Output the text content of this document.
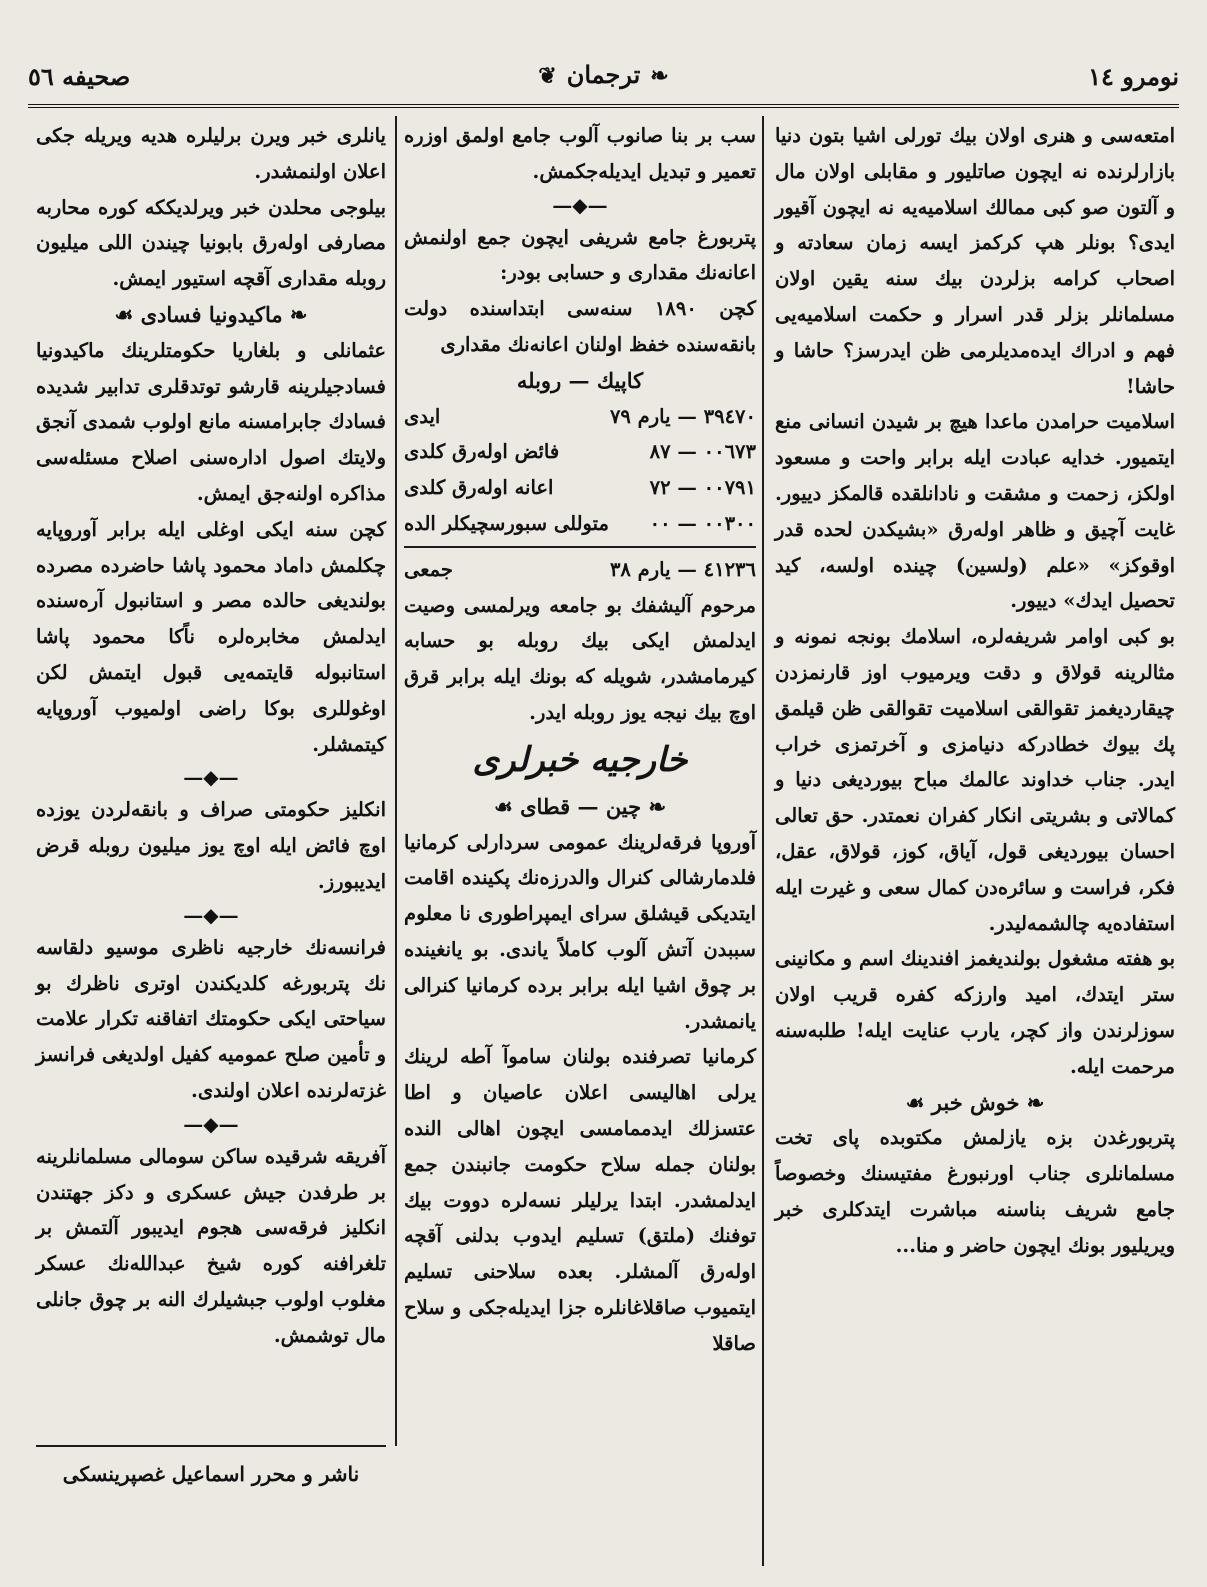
نومرو ١٤
❧ترجمان❦
صحیفه ٥٦

امتعه‌سی و هنری اولان بیك تورلی اشیا بتون دنیا بازارلرنده نه ایچون صاتلیور و مقابلی اولان مال و آلتون صو کبی ممالك اسلامیه‌یه نه ایچون آقیور ایدی؟ بونلر هپ کرکمز ایسه زمان سعادته و اصحاب کرامه بزلردن بیك سنه یقین اولان مسلمانلر بزلر قدر اسرار و حکمت اسلامیه‌یی فهم و ادراك ایده‌مدیلرمی ظن ایدرسز؟ حاشا و حاشا!

اسلامیت حرامدن ماعدا هیچ بر شیدن انسانی منع ایتمیور. خدایه عبادت ایله برابر واحت و مسعود اولکز، زحمت و مشقت و نادانلقده قالمکز دییور. غایت آچیق و ظاهر اوله‌رق «بشیکدن لحده قدر اوقوکز» «علم (ولسین) چینده اولسه، کید تحصیل ایدك» دییور.

بو کبی اوامر شریفه‌لره، اسلامك بونجه نمونه و مثالرینه قولاق و دقت ویرمیوب اوز قارنمزدن چیقاردیغمز تقوالقی اسلامیت تقوالقی ظن قیلمق پك بیوك خطادرکه دنیامزی و آخرتمزی خراب ایدر. جناب خداوند عالمك مباح بیوردیغی دنیا و کمالاتی و بشریتی انکار کفران نعمتدر. حق تعالی احسان بیوردیغی قول، آیاق، کوز، قولاق، عقل، فکر، فراست و سائره‌دن کمال سعی و غیرت ایله استفاده‌یه چالشمه‌لیدر.

بو هفته مشغول بولندیغمز افندینك اسم و مکانینی ستر ایتدك، امید وارزکه کفره قریب اولان سوزلرندن واز کچر، یارب عنایت ایله! طلبه‌سنه مرحمت ایله.

❧ خوش خبر ☙

پتربورغدن بزه یازلمش مکتوبده پای تخت مسلمانلری جناب اورنبورغ مفتیسنك وخصوصاً جامع شریف بناسنه مباشرت ایتدکلری خبر ویریلیور بونك ایچون حاضر و منا...

سب بر بنا صانوب آلوب جامع اولمق اوزره تعمیر و تبدیل ایدیله‌جکمش.

—◆—

پتربورغ جامع شریفی ایچون جمع اولنمش اعانه‌نك مقداری و حسابی بودر:

کچن ١٨٩٠ سنه‌سی ابتداسنده دولت بانقه‌سنده خفظ اولنان اعانه‌نك مقداری

کاپیك — روبله
۳۹٤۷۰ — یارم ۷۹
ایدی
٠٠٦٧٣ — ٨٧
فائض اوله‌رق کلدی
٠٠٧٩١ — ٧٢
اعانه اوله‌رق کلدی
٠٠٣٠٠ — ٠٠
متوللی سبورسچیکلر الده
٤١٢٣٦ — یارم ٣٨
جمعی

مرحوم آلیشفك بو جامعه ویرلمسی وصیت ایدلمش ایکی بیك روبله بو حسابه کیرمامشدر، شویله که بونك ایله برابر قرق اوچ بیك نیجه یوز روبله ایدر.

خارجیه خبرلری
❧ چین — قطای ☙

آوروپا فرقه‌لرینك عمومی سردارلی کرمانیا فلدمارشالی کنرال والدرزه‌نك پکینده اقامت ایتدیکی قیشلق سرای ایمپراطوری نا معلوم سببدن آتش آلوب کاملاً یاندی. بو یانغینده بر چوق اشیا ایله برابر برده کرمانیا کنرالی یانمشدر.

کرمانیا تصرفنده بولنان ساموآ آطه لرینك یرلی اهالیسی اعلان عاصیان و اطا عتسزلك ایدممامسی ایچون اهالی النده بولنان جمله سلاح حکومت جانبندن جمع ایدلمشدر. ابتدا یرلیلر نسه‌لره دووت بیك توفنك (ملتق) تسلیم ایدوب بدلنی آقچه اوله‌رق آلمشلر. بعده سلاحنی تسلیم ایتمیوب صاقلاغانلره جزا ایدیله‌جکی و سلاح صاقلا

یانلری خبر ویرن برلیلره هدیه ویریله جکی اعلان اولنمشدر.

بیلوجی محلدن خبر ویرلدیککه کوره محاربه مصارفی اوله‌رق بابونیا چیندن اللی میلیون روبله مقداری آقچه استیور ایمش.

❧ ماکیدونیا فسادی ☙

عثمانلی و بلغاریا حکومتلرینك ماکیدونیا فسادجیلرینه قارشو توتدقلری تدابیر شدیده فسادك جابرامسنه مانع اولوب شمدی آنجق ولایتك اصول اداره‌سنی اصلاح مسئله‌سی مذاکره اولنه‌جق ایمش.

کچن سنه ایکی اوغلی ایله برابر آوروپایه چکلمش داماد محمود پاشا حاضرده مصرده بولندیغی حالده مصر و استانبول آره‌سنده ایدلمش مخابره‌لره ناًکا محمود پاشا استانبوله قایتمه‌یی قبول ایتمش لکن اوغوللری بوکا راضی اولمیوب آوروپایه کیتمشلر.

—◆—

انکلیز حکومتی صراف و بانقه‌لردن یوزده اوچ فائض ایله اوچ یوز میلیون روبله قرض ایدیبورز.

—◆—

فرانسه‌نك خارجیه ناظری موسیو دلقاسه نك پتربورغه کلدیکندن اوتری ناظرك بو سیاحتی ایکی حکومتك اتفاقنه تکرار علامت و تأمین صلح عمومیه کفیل اولدیغی فرانسز غزته‌لرنده اعلان اولندی.

—◆—

آفریقه شرقیده ساکن سومالی مسلمانلرینه بر طرفدن جیش عسکری و دکز جهتندن انکلیز فرقه‌سی هجوم ایدیبور آلتمش بر تلغرافنه کوره شیخ عبدالله‌نك عسکر مغلوب اولوب جبشیلرك النه بر چوق جانلی مال توشمش.

ناشر و محرر اسماعیل غصپرینسکی
